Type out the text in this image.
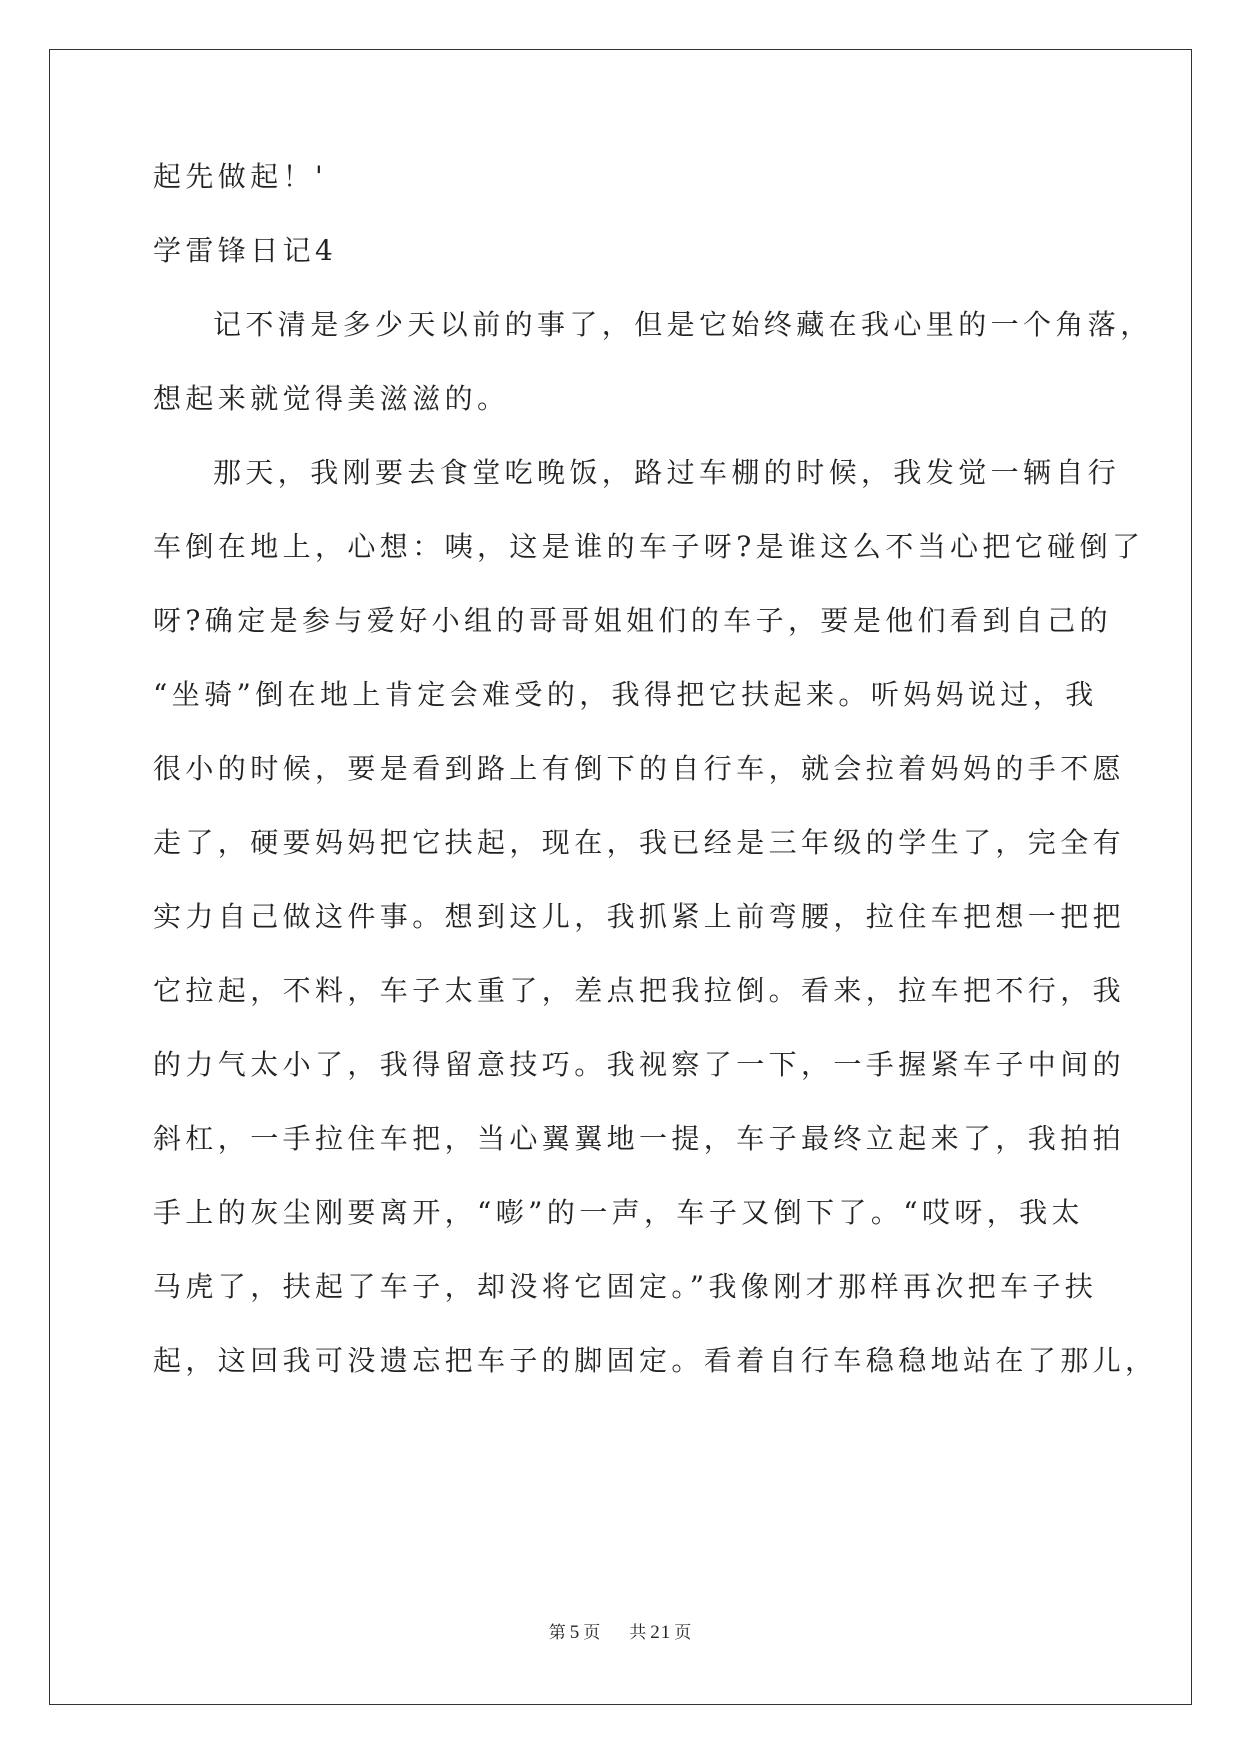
起先做起！'
学雷锋日记4
记不清是多少天以前的事了，但是它始终藏在我心里的一个角落，
想起来就觉得美滋滋的。
那天，我刚要去食堂吃晚饭，路过车棚的时候，我发觉一辆自行
车倒在地上，心想：咦，这是谁的车子呀?是谁这么不当心把它碰倒了
呀?确定是参与爱好小组的哥哥姐姐们的车子，要是他们看到自己的
“坐骑”倒在地上肯定会难受的，我得把它扶起来。听妈妈说过，我
很小的时候，要是看到路上有倒下的自行车，就会拉着妈妈的手不愿
走了，硬要妈妈把它扶起，现在，我已经是三年级的学生了，完全有
实力自己做这件事。想到这儿，我抓紧上前弯腰，拉住车把想一把把
它拉起，不料，车子太重了，差点把我拉倒。看来，拉车把不行，我
的力气太小了，我得留意技巧。我视察了一下，一手握紧车子中间的
斜杠，一手拉住车把，当心翼翼地一提，车子最终立起来了，我拍拍
手上的灰尘刚要离开，“嘭”的一声，车子又倒下了。“哎呀，我太
马虎了，扶起了车子，却没将它固定。”我像刚才那样再次把车子扶
起，这回我可没遗忘把车子的脚固定。看着自行车稳稳地站在了那儿，
第 5 页 共 21 页
